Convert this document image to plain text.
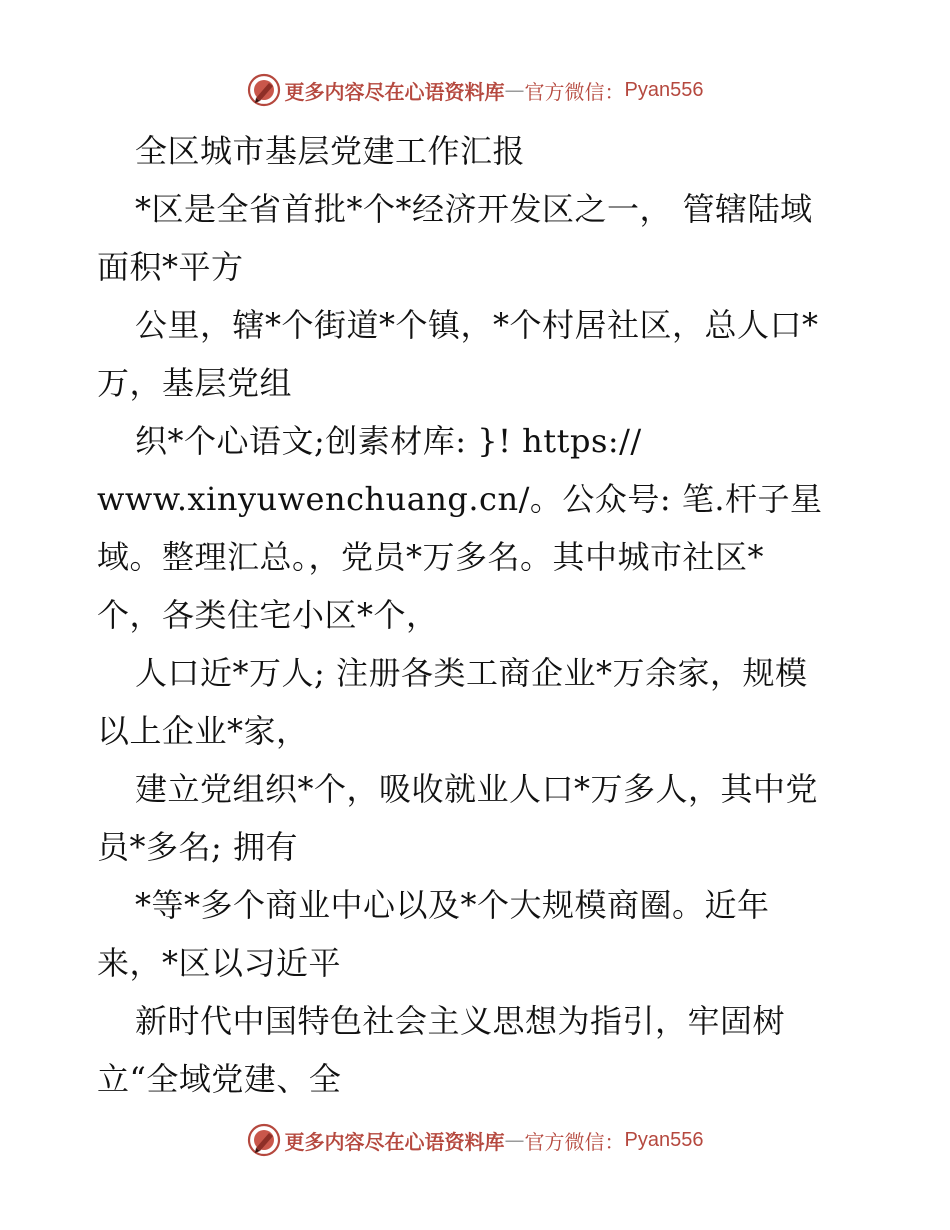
更多内容尽在心语资料库 — 官方微信： Pyan556
全区城市基层党建工作汇报
*区是全省首批*个*经济开发区之一， 管辖陆域
面积*平方
公里，辖*个街道*个镇，*个村居社区，总人口*
万，基层党组
织*个心语文;创素材库: }! https://
www.xinyuwenchuang.cn/。公众号: 笔.杆子星
域。整理汇总。，党员*万多名。其中城市社区*
个，各类住宅小区*个，
人口近*万人; 注册各类工商企业*万余家，规模
以上企业*家，
建立党组织*个，吸收就业人口*万多人，其中党
员*多名; 拥有
*等*多个商业中心以及*个大规模商圈。近年
来，*区以习近平
新时代中国特色社会主义思想为指引，牢固树
立“全域党建、全
更多内容尽在心语资料库 — 官方微信： Pyan556
